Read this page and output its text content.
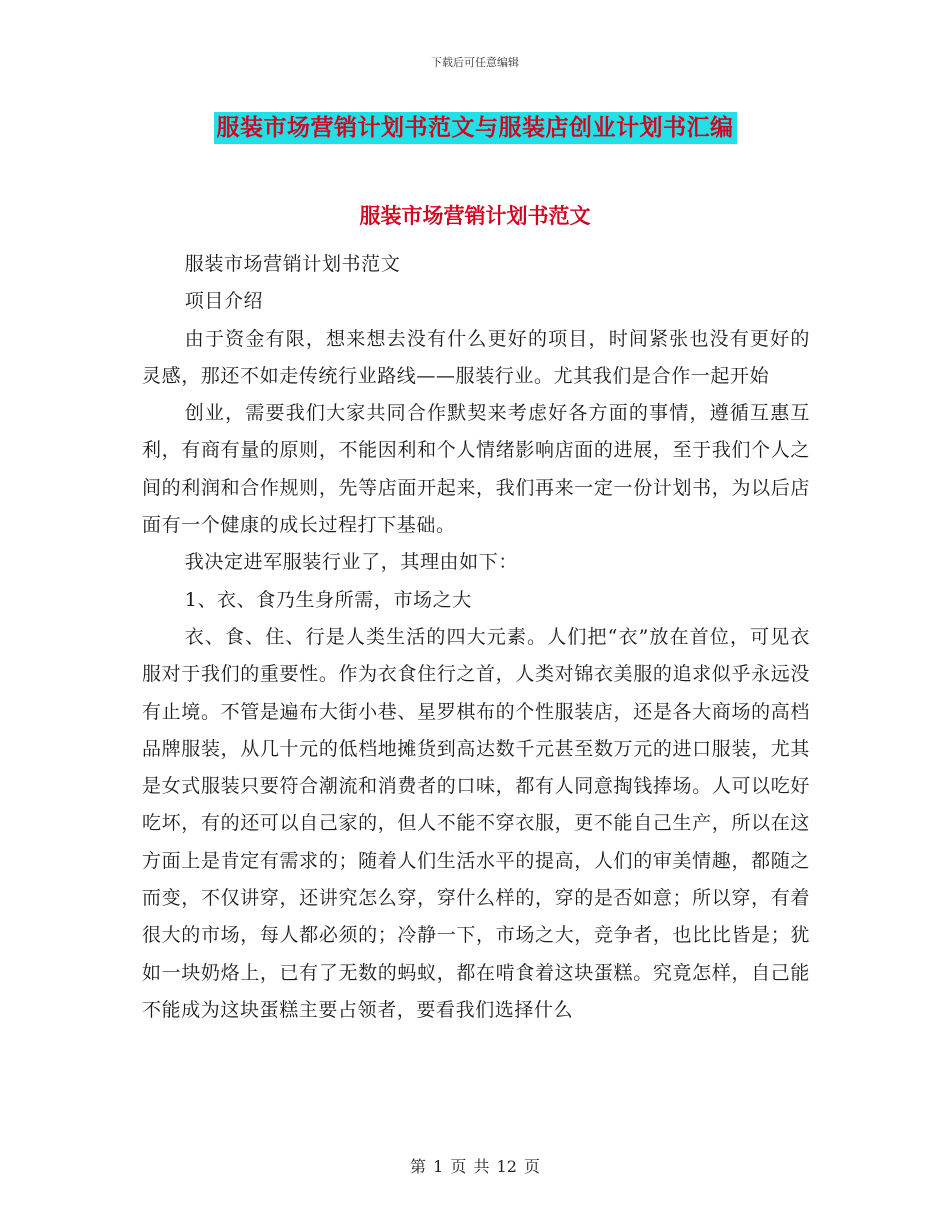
下载后可任意编辑
服装市场营销计划书范文与服装店创业计划书汇编
服装市场营销计划书范文

服装市场营销计划书范文

项目介绍

由于资金有限，想来想去没有什么更好的项目，时间紧张也没有更好的灵感，那还不如走传统行业路线——服装行业。尤其我们是合作一起开始

创业，需要我们大家共同合作默契来考虑好各方面的事情，遵循互惠互利，有商有量的原则，不能因利和个人情绪影响店面的进展，至于我们个人之间的利润和合作规则，先等店面开起来，我们再来一定一份计划书，为以后店面有一个健康的成长过程打下基础。

我决定进军服装行业了，其理由如下：

1、衣、食乃生身所需，市场之大

衣、食、住、行是人类生活的四大元素。人们把“衣”放在首位，可见衣服对于我们的重要性。作为衣食住行之首，人类对锦衣美服的追求似乎永远没有止境。不管是遍布大街小巷、星罗棋布的个性服装店，还是各大商场的高档品牌服装，从几十元的低档地摊货到高达数千元甚至数万元的进口服装，尤其是女式服装只要符合潮流和消费者的口味，都有人同意掏钱捧场。人可以吃好吃坏，有的还可以自己家的，但人不能不穿衣服，更不能自己生产，所以在这方面上是肯定有需求的；随着人们生活水平的提高，人们的审美情趣，都随之而变，不仅讲穿，还讲究怎么穿，穿什么样的，穿的是否如意；所以穿，有着很大的市场，每人都必须的；冷静一下，市场之大，竞争者，也比比皆是；犹如一块奶烙上，已有了无数的蚂蚁，都在啃食着这块蛋糕。究竟怎样，自己能不能成为这块蛋糕主要占领者，要看我们选择什么

第 1 页 共 12 页
